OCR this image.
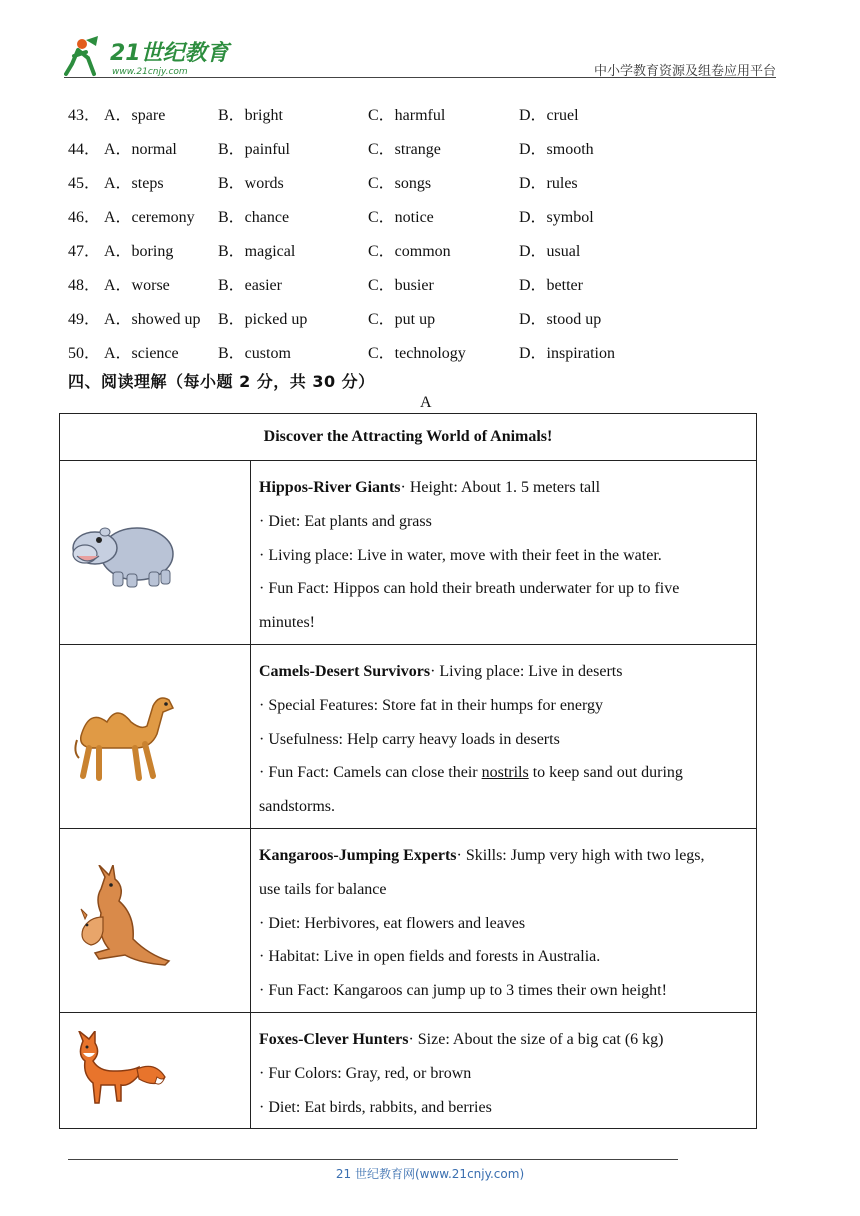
21世纪教育
www.21cnjy.com	中小学教育资源及组卷应用平台
43． A．spare	B．bright	C．harmful	D．cruel
44． A．normal	B．painful	C．strange	D．smooth
45． A．steps	B．words	C．songs	D．rules
46． A．ceremony B．chance	C．notice	D．symbol
47． A．boring	B．magical	C．common	D．usual
48． A．worse	B．easier	C．busier	D．better
49． A．showed up B．picked up	C．put up	D．stood up
50． A．science B．custom	C．technology	D．inspiration
四、阅读理解（每小题 2 分，共 30 分）
A
Discover the Attracting World of Animals!	

	Hippos-River Giants· Height: About 1. 5 meters tall
· Diet: Eat plants and grass
· Living place: Live in water, move with their feet in the water.
· Fun Fact: Hippos can hold their breath underwater for up to five
minutes!

	Camels-Desert Survivors· Living place: Live in deserts
· Special Features: Store fat in their humps for energy
· Usefulness: Help carry heavy loads in deserts
· Fun Fact: Camels can close their nostrils to keep sand out during
sandstorms.

	Kangaroos-Jumping Experts· Skills: Jump very high with two legs,
use tails for balance
· Diet: Herbivores, eat flowers and leaves
· Habitat: Live in open fields and forests in Australia.
· Fun Fact: Kangaroos can jump up to 3 times their own height!

	Foxes-Clever Hunters· Size: About the size of a big cat (6 kg)
· Fur Colors: Gray, red, or brown
· Diet: Eat birds, rabbits, and berries
21 世纪教育网(www.21cnjy.com)
